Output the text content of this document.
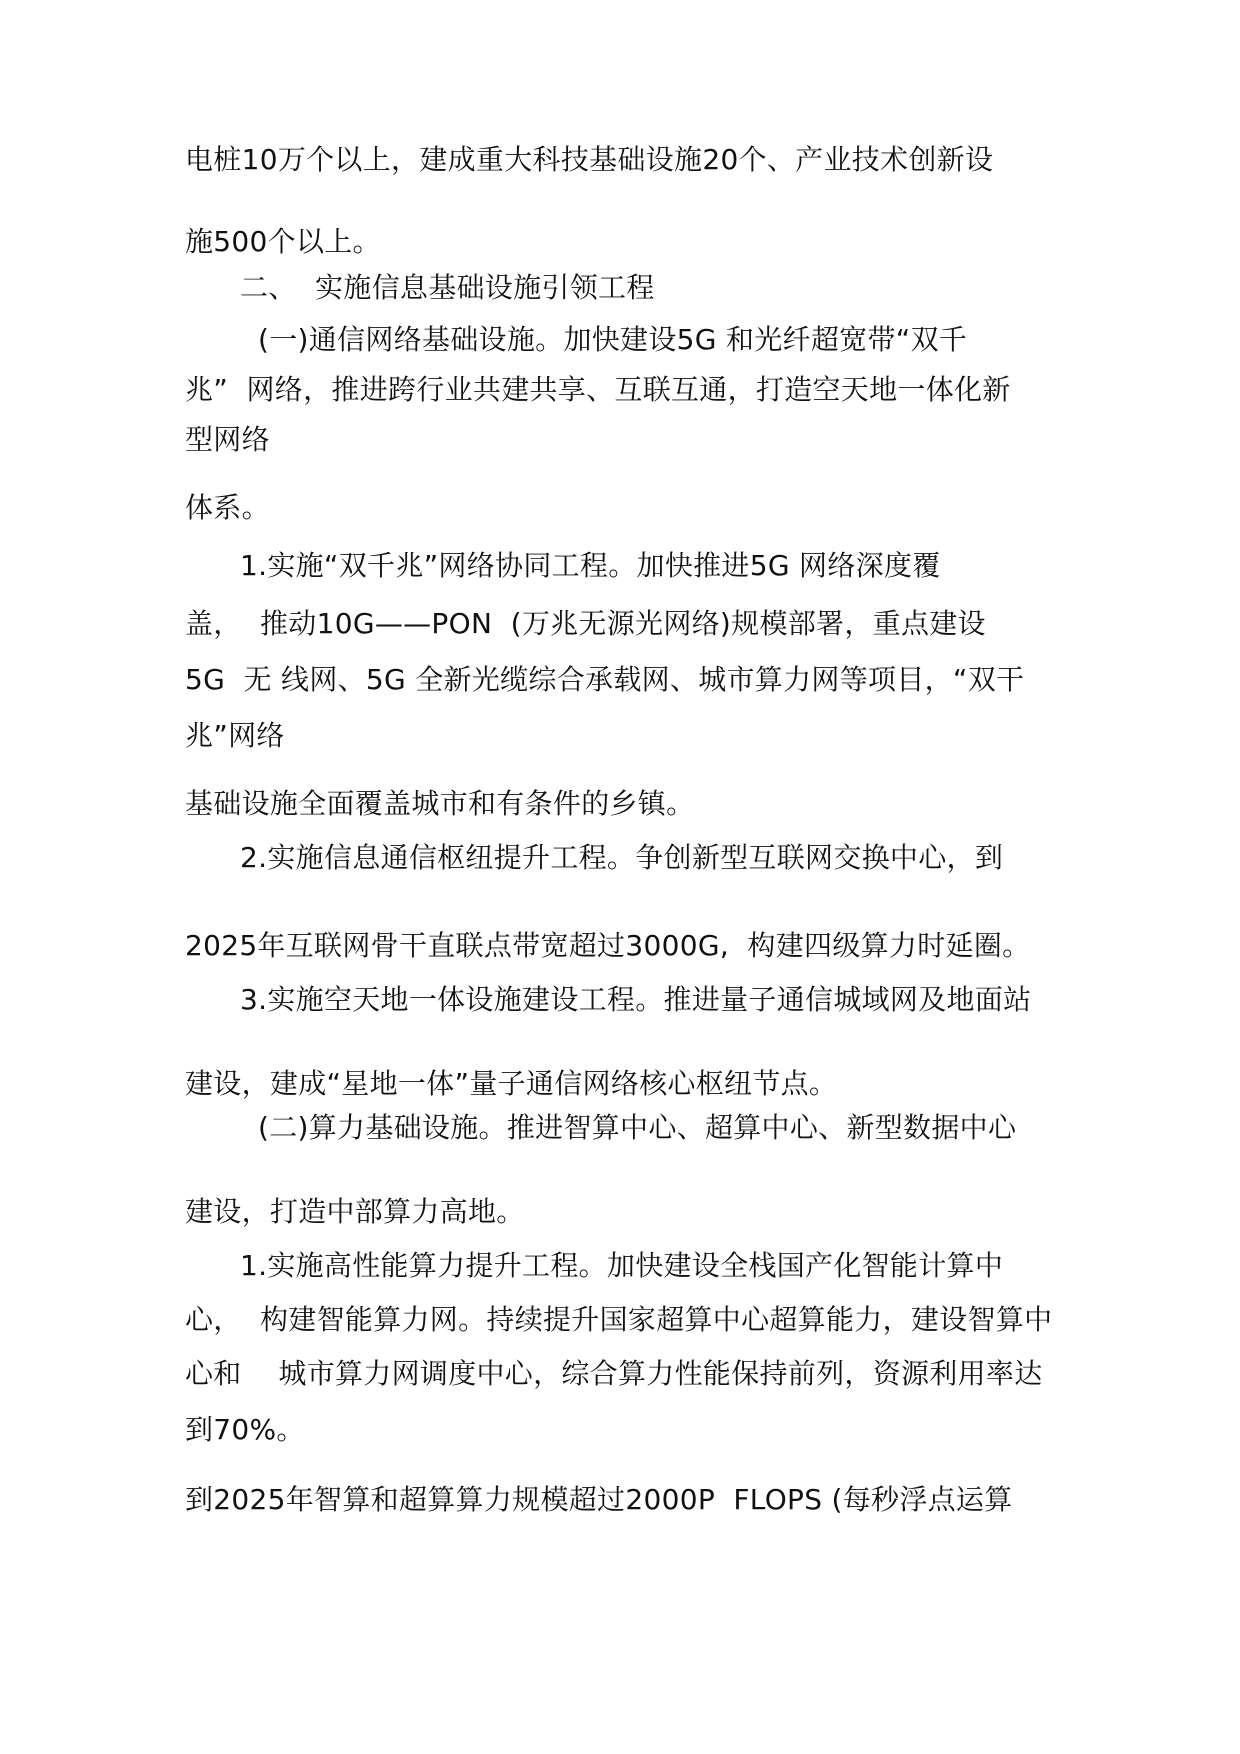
电桩10万个以上，建成重大科技基础设施20个、产业技术创新设

施500个以上。

二、  实施信息基础设施引领工程

(一)通信网络基础设施。加快建设5G 和光纤超宽带“双千

兆”  网络，推进跨行业共建共享、互联互通，打造空天地一体化新

型网络

体系。

1.实施“双千兆”网络协同工程。加快推进5G 网络深度覆

盖，  推动10G——PON  (万兆无源光网络)规模部署，重点建设

5G  无 线网、5G 全新光缆综合承载网、城市算力网等项目，“双干

兆”网络

基础设施全面覆盖城市和有条件的乡镇。

2.实施信息通信枢纽提升工程。争创新型互联网交换中心，到

2025年互联网骨干直联点带宽超过3000G,  构建四级算力时延圈。

3.实施空天地一体设施建设工程。推进量子通信城域网及地面站

建设，建成“星地一体”量子通信网络核心枢纽节点。

(二)算力基础设施。推进智算中心、超算中心、新型数据中心

建设，打造中部算力高地。

1.实施高性能算力提升工程。加快建设全栈国产化智能计算中

心，  构建智能算力网。持续提升国家超算中心超算能力，建设智算中

心和    城市算力网调度中心，综合算力性能保持前列，资源利用率达

到70%。

到2025年智算和超算算力规模超过2000P  FLOPS (每秒浮点运算
